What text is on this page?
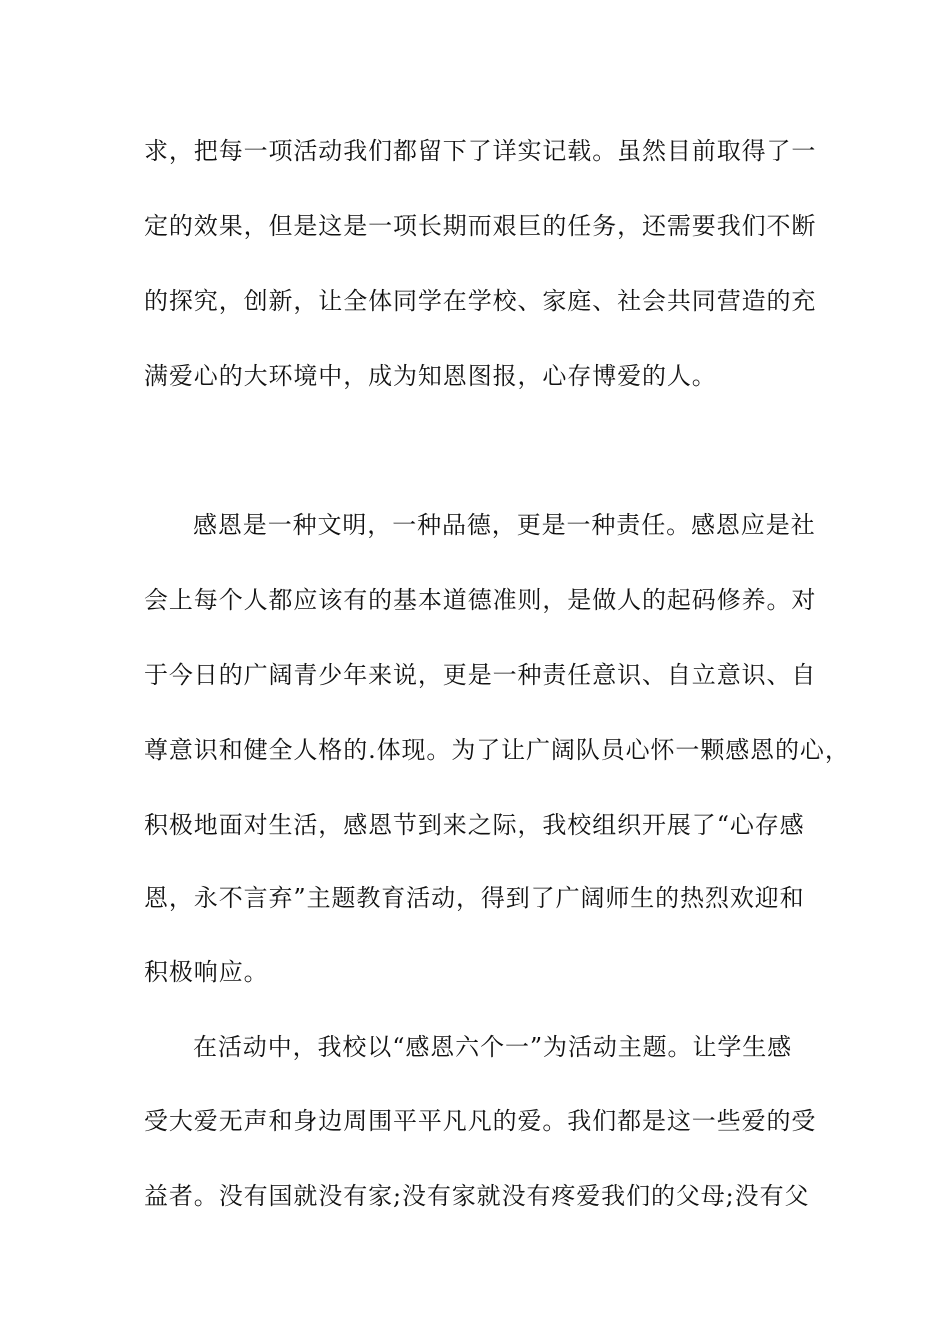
求，把每一项活动我们都留下了详实记载。虽然目前取得了一
定的效果，但是这是一项长期而艰巨的任务，还需要我们不断
的探究，创新，让全体同学在学校、家庭、社会共同营造的充
满爱心的大环境中，成为知恩图报，心存博爱的人。
感恩是一种文明，一种品德，更是一种责任。感恩应是社
会上每个人都应该有的基本道德准则，是做人的起码修养。对
于今日的广阔青少年来说，更是一种责任意识、自立意识、自
尊意识和健全人格的.体现。为了让广阔队员心怀一颗感恩的心，
积极地面对生活，感恩节到来之际，我校组织开展了“心存感
恩，永不言弃”主题教育活动，得到了广阔师生的热烈欢迎和
积极响应。
在活动中，我校以“感恩六个一”为活动主题。让学生感
受大爱无声和身边周围平平凡凡的爱。我们都是这一些爱的受
益者。没有国就没有家;没有家就没有疼爱我们的父母;没有父
